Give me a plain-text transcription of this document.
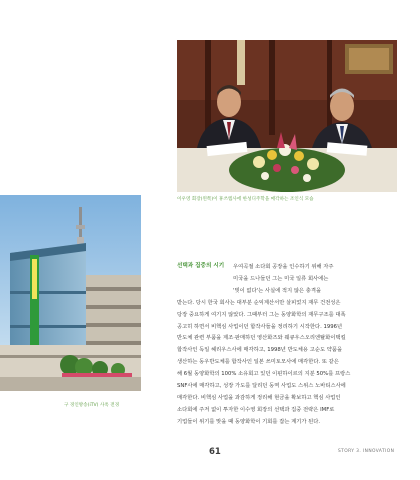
이우영 회장(왼쪽)이 휴쓰엠사에 한성디주학을 매각하는 조인식 모습
구 경인방송(iTV) 사옥 전경
선택과 집중의 시기	우여곡절 소다회 공장을 인수하기 위해 자주
미국을 드나들던 그는 미국 일류 회사에는
'빚이 없다'는 사실에 적지 않은 충격을
받는다. 당시 한국 회사는 대부분 순익계산서만 살피었지 재무 건전성은
당장 중요하게 여기지 않았다. 그때부터 그는 동양화학의 재무구조를 대폭
공고히 하면서 비핵심 사업이던 합작사들을 정리하기 시작한다. 1996년
반도체 관련 부품을 제조·판매하던 영산화즈와 웨큐우스오리엔탈화이택킬
합작사인 독일 헤리우스사에 매각하고, 1998년 반도체용 고순도 약품을
생산하는 동우반도체를 합작사인 일본 쓰미토모사에 매각한다. 또 같은
해 6월 동양화학의 100% 소유회고 있던 이핀하이르의 지분 50%를 프랑스
SNF사에 매각하고, 성장 가도를 달리던 동역 사업도 스위스 노바티스사에
매각한다. 비핵심 사업을 과감하게 정리해 현금을 확보하고 핵심 사업인
소다회에 주저 없이 투자한 이수영 회장의 선택과 집중 전략은 IMF로
기업들이 위기를 맞을 때 동양화학이 기회를 잡는 계기가 된다.
61	STORY 3. INNOVATION
